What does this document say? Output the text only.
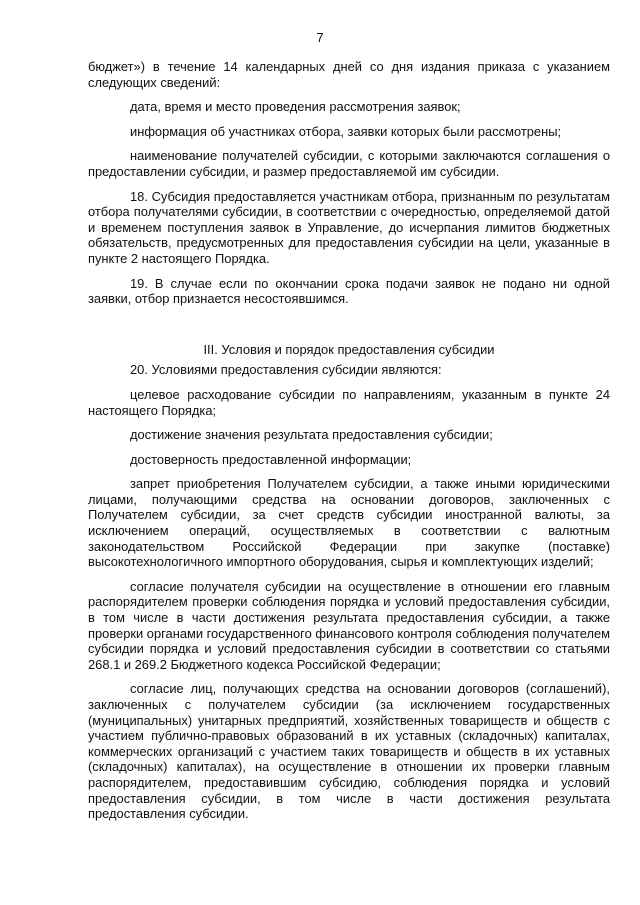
7

бюджет») в течение 14 календарных дней со дня издания приказа с указанием следующих сведений:

дата, время и место проведения рассмотрения заявок;

информация об участниках отбора, заявки которых были рассмотрены;

наименование получателей субсидии, с которыми заключаются соглашения о предоставлении субсидии, и размер предоставляемой им субсидии.

18. Субсидия предоставляется участникам отбора, признанным по результатам отбора получателями субсидии, в соответствии с очередностью, определяемой датой и временем поступления заявок в Управление, до исчерпания лимитов бюджетных обязательств, предусмотренных для предоставления субсидии на цели, указанные в пункте 2 настоящего Порядка.

19. В случае если по окончании срока подачи заявок не подано ни одной заявки, отбор признается несостоявшимся.

III. Условия и порядок предоставления субсидии

20. Условиями предоставления субсидии являются:

целевое расходование субсидии по направлениям, указанным в пункте 24 настоящего Порядка;

достижение значения результата предоставления субсидии;

достоверность предоставленной информации;

запрет приобретения Получателем субсидии, а также иными юридическими лицами, получающими средства на основании договоров, заключенных с Получателем субсидии, за счет средств субсидии иностранной валюты, за исключением операций, осуществляемых в соответствии с валютным законодательством Российской Федерации при закупке (поставке) высокотехнологичного импортного оборудования, сырья и комплектующих изделий;

согласие получателя субсидии на осуществление в отношении его главным распорядителем проверки соблюдения порядка и условий предоставления субсидии, в том числе в части достижения результата предоставления субсидии, а также проверки органами государственного финансового контроля соблюдения получателем субсидии порядка и условий предоставления субсидии в соответствии со статьями 268.1 и 269.2 Бюджетного кодекса Российской Федерации;

согласие лиц, получающих средства на основании договоров (соглашений), заключенных с получателем субсидии (за исключением государственных (муниципальных) унитарных предприятий, хозяйственных товариществ и обществ с участием публично-правовых образований в их уставных (складочных) капиталах, коммерческих организаций с участием таких товариществ и обществ в их уставных (складочных) капиталах), на осуществление в отношении их проверки главным распорядителем, предоставившим субсидию, соблюдения порядка и условий предоставления субсидии, в том числе в части достижения результата предоставления субсидии.
